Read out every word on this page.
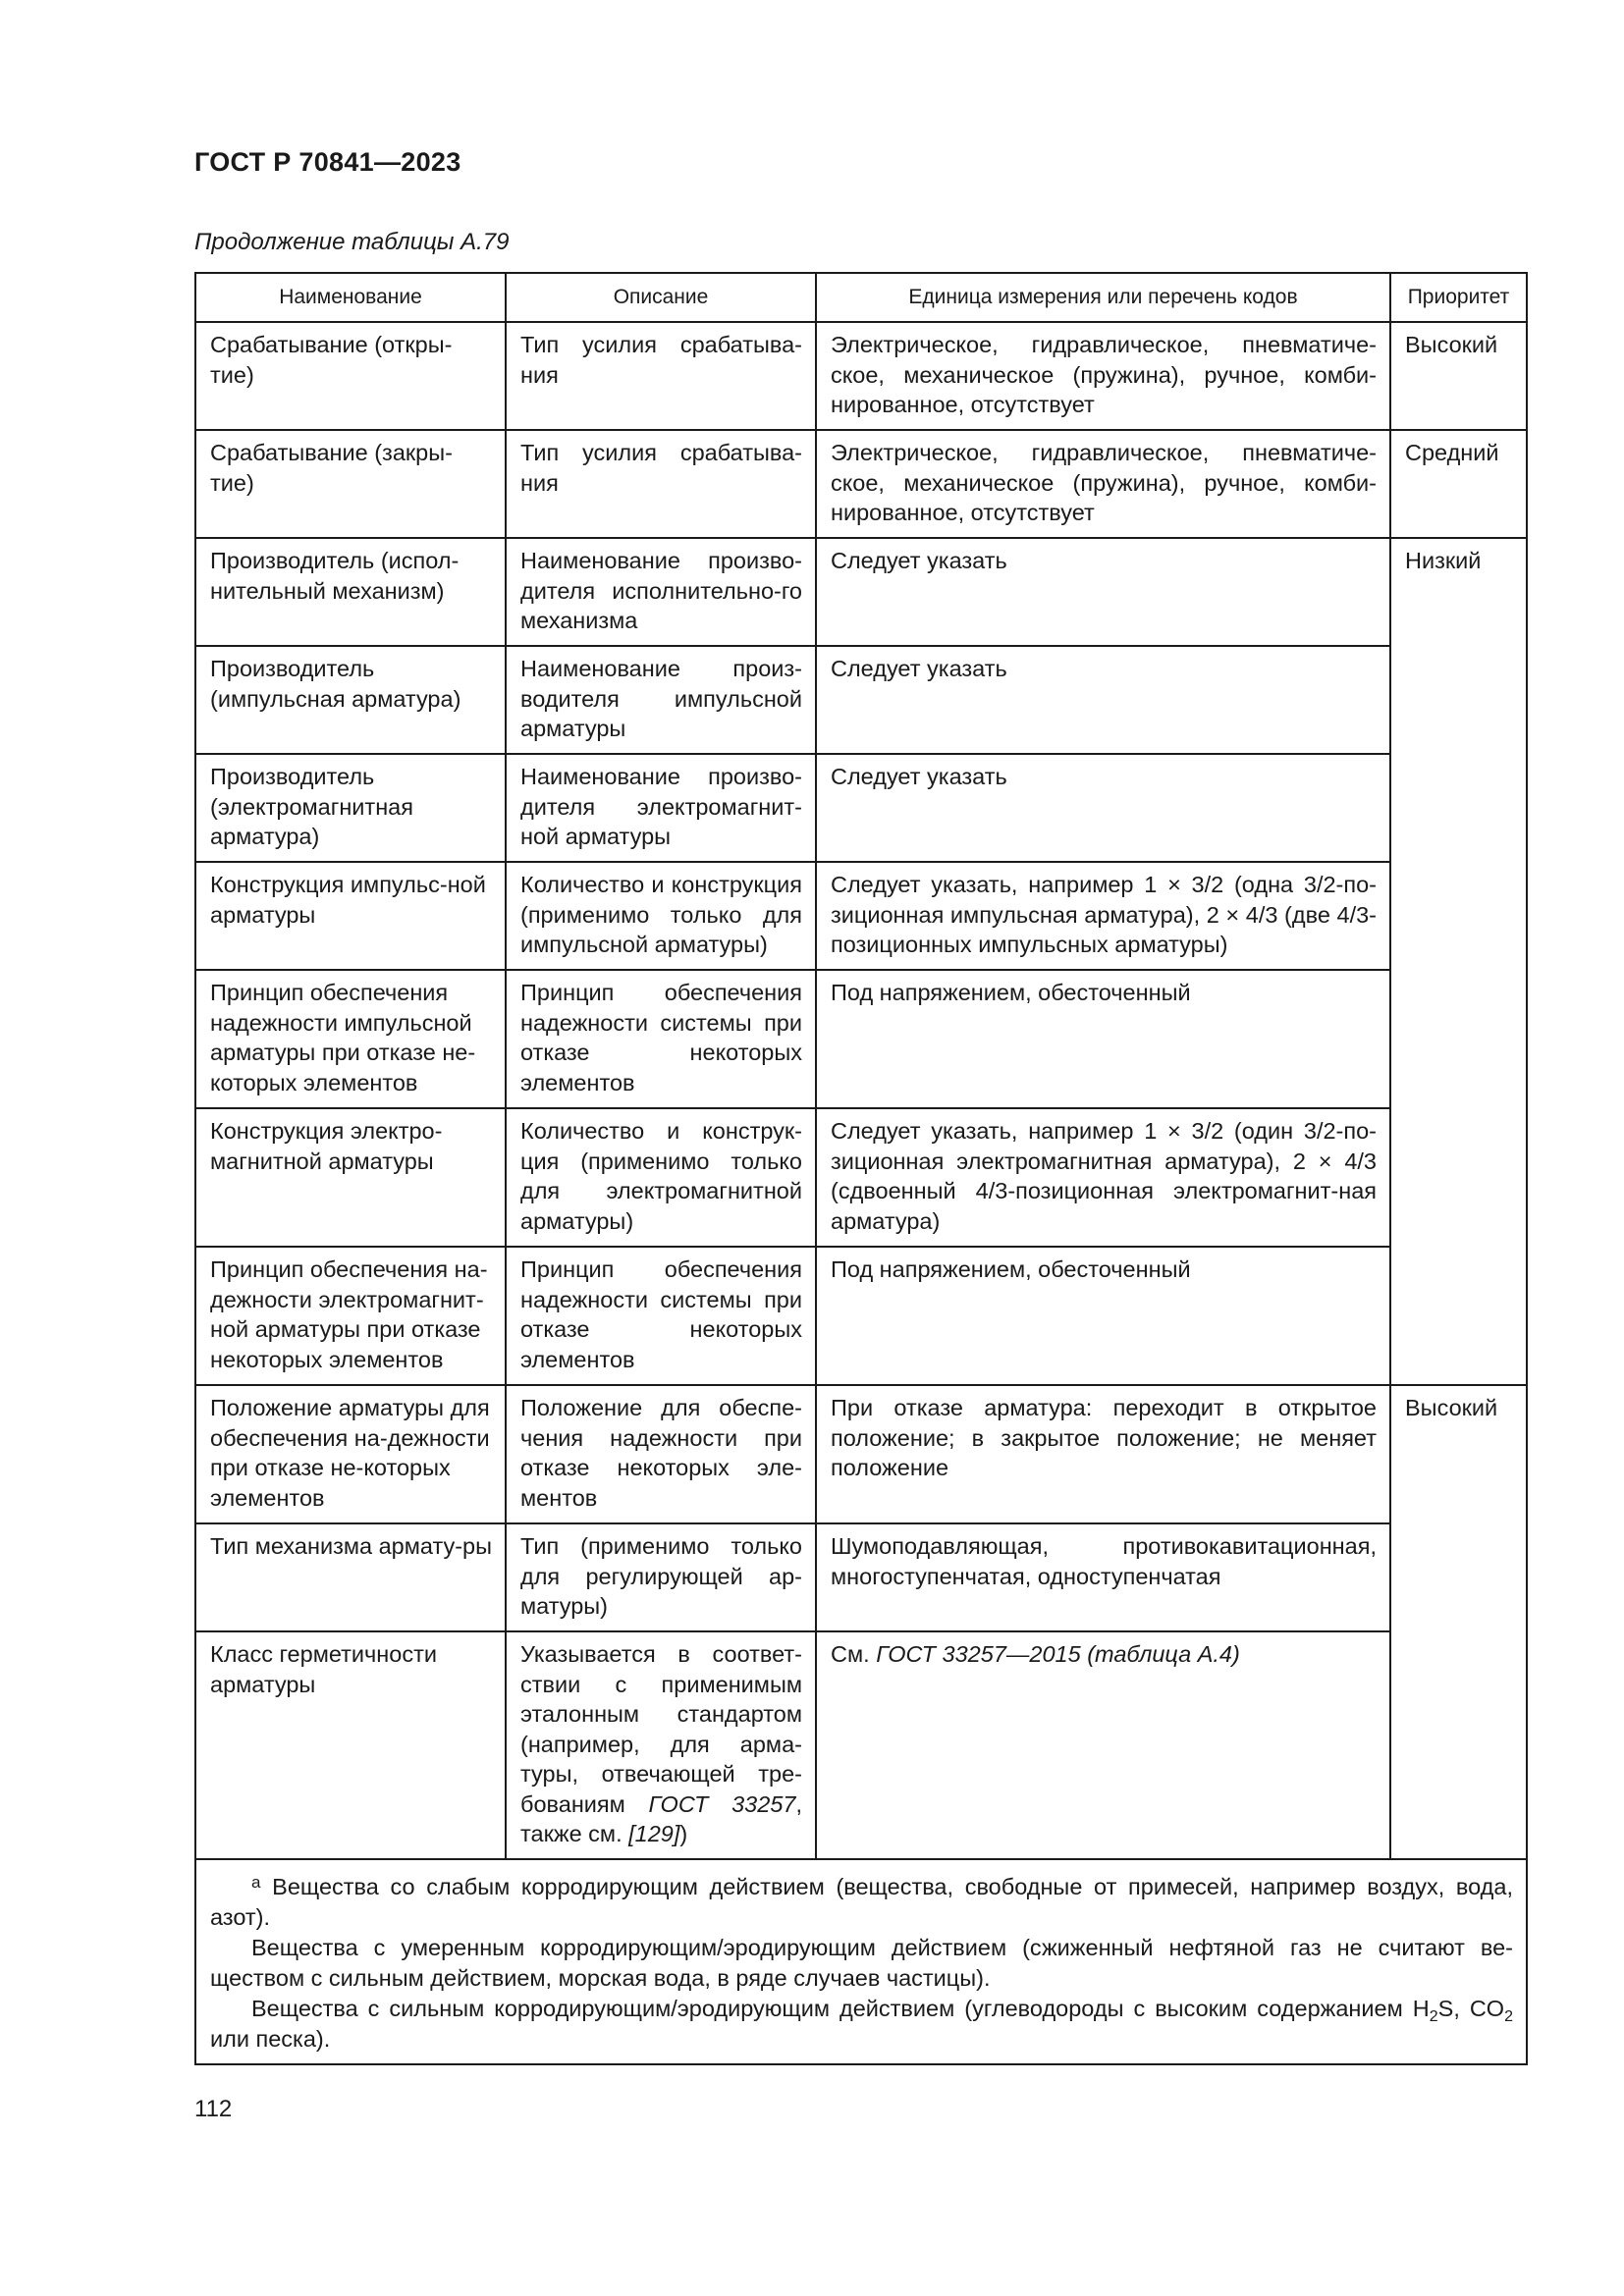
ГОСТ Р 70841—2023
Продолжение таблицы А.79
Наименование	Описание	Единица измерения или перечень кодов	Приоритет
Срабатывание (откры-тие)	Тип усилия срабатыва-ния	Электрическое, гидравлическое, пневматиче-ское, механическое (пружина), ручное, комби-нированное, отсутствует	Высокий
Срабатывание (закры-тие)	Тип усилия срабатыва-ния	Электрическое, гидравлическое, пневматиче-ское, механическое (пружина), ручное, комби-нированное, отсутствует	Средний
Производитель (испол-нительный механизм)	Наименование произво-дителя исполнительно-го механизма	Следует указать	Низкий
Производитель (импульсная арматура)	Наименование произ-водителя импульсной арматуры	Следует указать	
Производитель (электромагнитная арматура)	Наименование произво-дителя электромагнит-ной арматуры	Следует указать	
Конструкция импульс-ной арматуры	Количество и конструкция (применимо только для импульсной арматуры)	Следует указать, например 1 × 3/2 (одна 3/2-по-зиционная импульсная арматура), 2 × 4/3 (две 4/3-позиционных импульсных арматуры)	
Принцип обеспечения надежности импульсной арматуры при отказе не-которых элементов	Принцип обеспечения надежности системы при отказе некоторых элементов	Под напряжением, обесточенный	
Конструкция электро-магнитной арматуры	Количество и конструк-ция (применимо только для электромагнитной арматуры)	Следует указать, например 1 × 3/2 (один 3/2-по-зиционная электромагнитная арматура), 2 × 4/3 (сдвоенный 4/3-позиционная электромагнит-ная арматура)	
Принцип обеспечения на-дежности электромагнит-ной арматуры при отказе некоторых элементов	Принцип обеспечения надежности системы при отказе некоторых элементов	Под напряжением, обесточенный	
Положение арматуры для обеспечения на-дежности при отказе не-которых элементов	Положение для обеспе-чения надежности при отказе некоторых эле-ментов	При отказе арматура: переходит в открытое положение; в закрытое положение; не меняет положение	Высокий
Тип механизма армату-ры	Тип (применимо только для регулирующей ар-матуры)	Шумоподавляющая, противокавитационная, многоступенчатая, одноступенчатая	
Класс герметичности арматуры	Указывается в соответ-ствии с применимым эталонным стандартом (например, для арма-туры, отвечающей тре-бованиям ГОСТ 33257, также см. [129])	См. ГОСТ 33257—2015 (таблица А.4)	

$^а$ Вещества со слабым корродирующим действием (вещества, свободные от примесей, например воздух, вода, азот).

Вещества с умеренным корродирующим/эродирующим действием (сжиженный нефтяной газ не считают ве-ществом с сильным действием, морская вода, в ряде случаев частицы).

Вещества с сильным корродирующим/эродирующим действием (углеводороды с высоким содержанием $H_2S$, $CO_2$ или песка).			

112
